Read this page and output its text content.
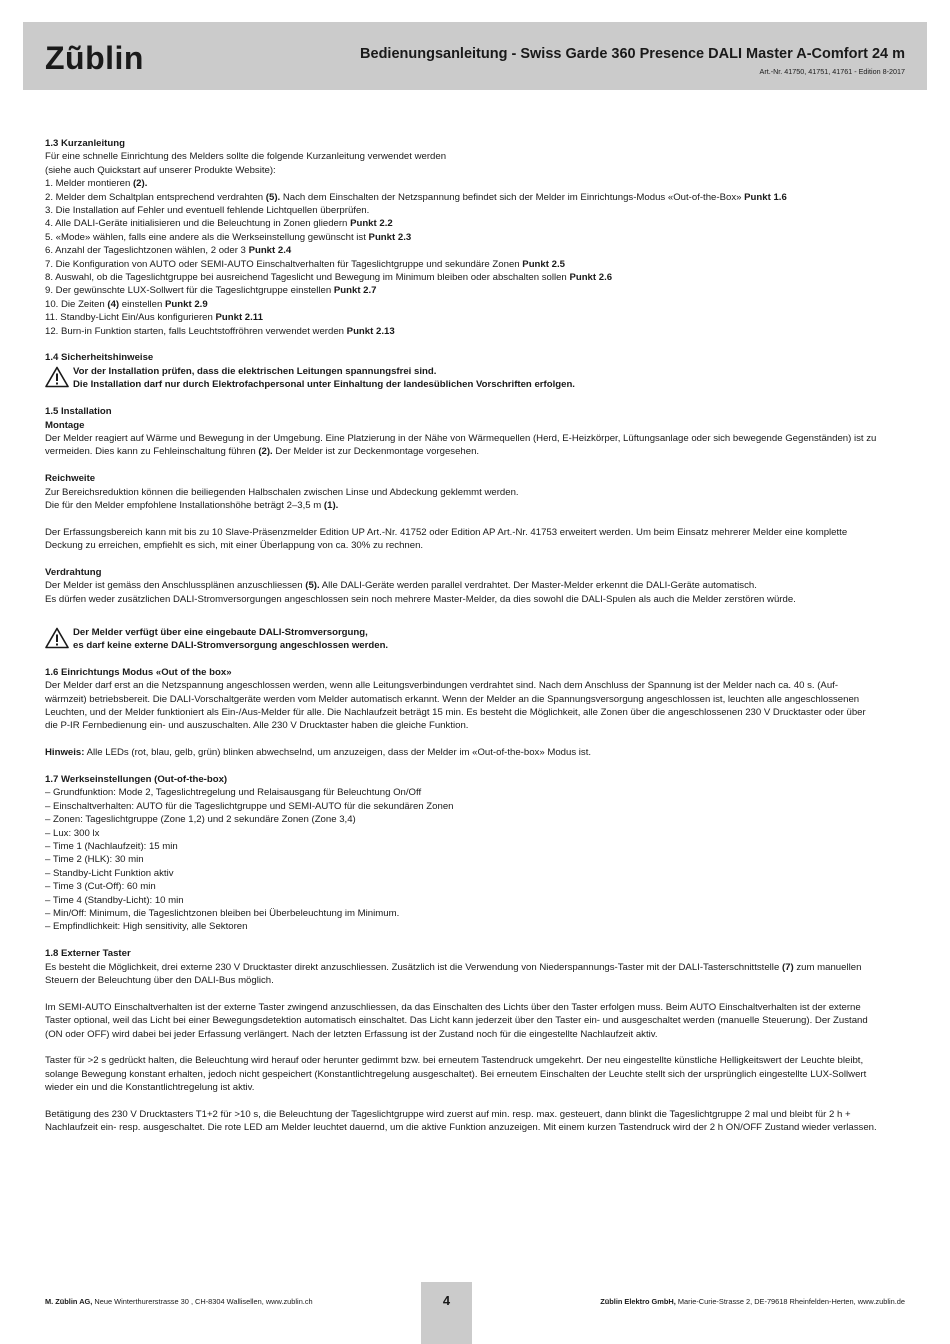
Zũblin	Bedienungsanleitung - Swiss Garde 360 Presence DALI Master A-Comfort 24 m
Art.-Nr. 41750, 41751, 41761 - Edition 8-2017

1.3 Kurzanleitung

Für eine schnelle Einrichtung des Melders sollte die folgende Kurzanleitung verwendet werden

(siehe auch Quickstart auf unserer Produkte Website):

1. Melder montieren (2).

2. Melder dem Schaltplan entsprechend verdrahten (5). Nach dem Einschalten der Netzspannung befindet sich der Melder im Einrichtungs-Modus «Out-of-the-Box» Punkt 1.6

3. Die Installation auf Fehler und eventuell fehlende Lichtquellen überprüfen.

4. Alle DALI-Geräte initialisieren und die Beleuchtung in Zonen gliedern Punkt 2.2

5. «Mode» wählen, falls eine andere als die Werkseinstellung gewünscht ist Punkt 2.3

6. Anzahl der Tageslichtzonen wählen, 2 oder 3 Punkt 2.4

7. Die Konfiguration von AUTO oder SEMI-AUTO Einschaltverhalten für Tageslichtgruppe und sekundäre Zonen Punkt 2.5

8. Auswahl, ob die Tageslichtgruppe bei ausreichend Tageslicht und Bewegung im Minimum bleiben oder abschalten sollen Punkt 2.6

9. Der gewünschte LUX-Sollwert für die Tageslichtgruppe einstellen Punkt 2.7

10. Die Zeiten (4) einstellen Punkt 2.9

11. Standby-Licht Ein/Aus konfigurieren Punkt 2.11

12. Burn-in Funktion starten, falls Leuchtstoffröhren verwendet werden Punkt 2.13

1.4 Sicherheitshinweise

Vor der Installation prüfen, dass die elektrischen Leitungen spannungsfrei sind.

Die Installation darf nur durch Elektrofachpersonal unter Einhaltung der landesüblichen Vorschriften erfolgen.

1.5 Installation

Montage

Der Melder reagiert auf Wärme und Bewegung in der Umgebung. Eine Platzierung in der Nähe von Wärmequellen (Herd, E-Heizkörper, Lüftungsanlage oder sich bewegende Gegenständen) ist zu

vermeiden. Dies kann zu Fehleinschaltung führen (2). Der Melder ist zur Deckenmontage vorgesehen.

Reichweite

Zur Bereichsreduktion können die beiliegenden Halbschalen zwischen Linse und Abdeckung geklemmt werden.

Die für den Melder empfohlene Installationshöhe beträgt 2–3,5 m (1).

Der Erfassungsbereich kann mit bis zu 10 Slave-Präsenzmelder Edition UP Art.-Nr. 41752 oder Edition AP Art.-Nr. 41753 erweitert werden. Um beim Einsatz mehrerer Melder eine komplette

Deckung zu erreichen, empfiehlt es sich, mit einer Überlappung von ca. 30% zu rechnen.

Verdrahtung

Der Melder ist gemäss den Anschlussplänen anzuschliessen (5). Alle DALI-Geräte werden parallel verdrahtet. Der Master-Melder erkennt die DALI-Geräte automatisch.

Es dürfen weder zusätzlichen DALI-Stromversorgungen angeschlossen sein noch mehrere Master-Melder, da dies sowohl die DALI-Spulen als auch die Melder zerstören würde.

Der Melder verfügt über eine eingebaute DALI-Stromversorgung,

es darf keine externe DALI-Stromversorgung angeschlossen werden.

1.6 Einrichtungs Modus «Out of the box»

Der Melder darf erst an die Netzspannung angeschlossen werden, wenn alle Leitungsverbindungen verdrahtet sind. Nach dem Anschluss der Spannung ist der Melder nach ca. 40 s. (Auf-

wärmzeit) betriebsbereit. Die DALI-Vorschaltgeräte werden vom Melder automatisch erkannt. Wenn der Melder an die Spannungsversorgung angeschlossen ist, leuchten alle angeschlossenen

Leuchten, und der Melder funktioniert als Ein-/Aus-Melder für alle. Die Nachlaufzeit beträgt 15 min. Es besteht die Möglichkeit, alle Zonen über die angeschlossenen 230 V Drucktaster oder über

die P-IR Fernbedienung ein- und auszuschalten. Alle 230 V Drucktaster haben die gleiche Funktion.

Hinweis: Alle LEDs (rot, blau, gelb, grün) blinken abwechselnd, um anzuzeigen, dass der Melder im «Out-of-the-box» Modus ist.

1.7 Werkseinstellungen (Out-of-the-box)

– Grundfunktion: Mode 2, Tageslichtregelung und Relaisausgang für Beleuchtung On/Off

– Einschaltverhalten: AUTO für die Tageslichtgruppe und SEMI-AUTO für die sekundären Zonen

– Zonen: Tageslichtgruppe (Zone 1,2) und 2 sekundäre Zonen (Zone 3,4)

– Lux: 300 lx

– Time 1 (Nachlaufzeit): 15 min

– Time 2 (HLK): 30 min

– Standby-Licht Funktion aktiv

– Time 3 (Cut-Off): 60 min

– Time 4 (Standby-Licht): 10 min

– Min/Off: Minimum, die Tageslichtzonen bleiben bei Überbeleuchtung im Minimum.

– Empfindlichkeit: High sensitivity, alle Sektoren

1.8 Externer Taster

Es besteht die Möglichkeit, drei externe 230 V Drucktaster direkt anzuschliessen. Zusätzlich ist die Verwendung von Niederspannungs-Taster mit der DALI-Tasterschnittstelle (7) zum manuellen

Steuern der Beleuchtung über den DALI-Bus möglich.

Im SEMI-AUTO Einschaltverhalten ist der externe Taster zwingend anzuschliessen, da das Einschalten des Lichts über den Taster erfolgen muss. Beim AUTO Einschaltverhalten ist der externe

Taster optional, weil das Licht bei einer Bewegungsdetektion automatisch einschaltet. Das Licht kann jederzeit über den Taster ein- und ausgeschaltet werden (manuelle Steuerung). Der Zustand

(ON oder OFF) wird dabei bei jeder Erfassung verlängert. Nach der letzten Erfassung ist der Zustand noch für die eingestellte Nachlaufzeit aktiv.

Taster für >2 s gedrückt halten, die Beleuchtung wird herauf oder herunter gedimmt bzw. bei erneutem Tastendruck umgekehrt. Der neu eingestellte künstliche Helligkeitswert der Leuchte bleibt,

solange Bewegung konstant erhalten, jedoch nicht gespeichert (Konstantlichtregelung ausgeschaltet). Bei erneutem Einschalten der Leuchte stellt sich der ursprünglich eingestellte LUX-Sollwert

wieder ein und die Konstantlichtregelung ist aktiv.

Betätigung des 230 V Drucktasters T1+2 für >10 s, die Beleuchtung der Tageslichtgruppe wird zuerst auf min. resp. max. gesteuert, dann blinkt die Tageslichtgruppe 2 mal und bleibt für 2 h +

Nachlaufzeit ein- resp. ausgeschaltet. Die rote LED am Melder leuchtet dauernd, um die aktive Funktion anzuzeigen. Mit einem kurzen Tastendruck wird der 2 h ON/OFF Zustand wieder verlassen.

M. Züblin AG, Neue Winterthurerstrasse 30 , CH-8304 Wallisellen, www.zublin.ch	4	Züblin Elektro GmbH, Marie-Curie-Strasse 2, DE-79618 Rheinfelden-Herten, www.zublin.de
